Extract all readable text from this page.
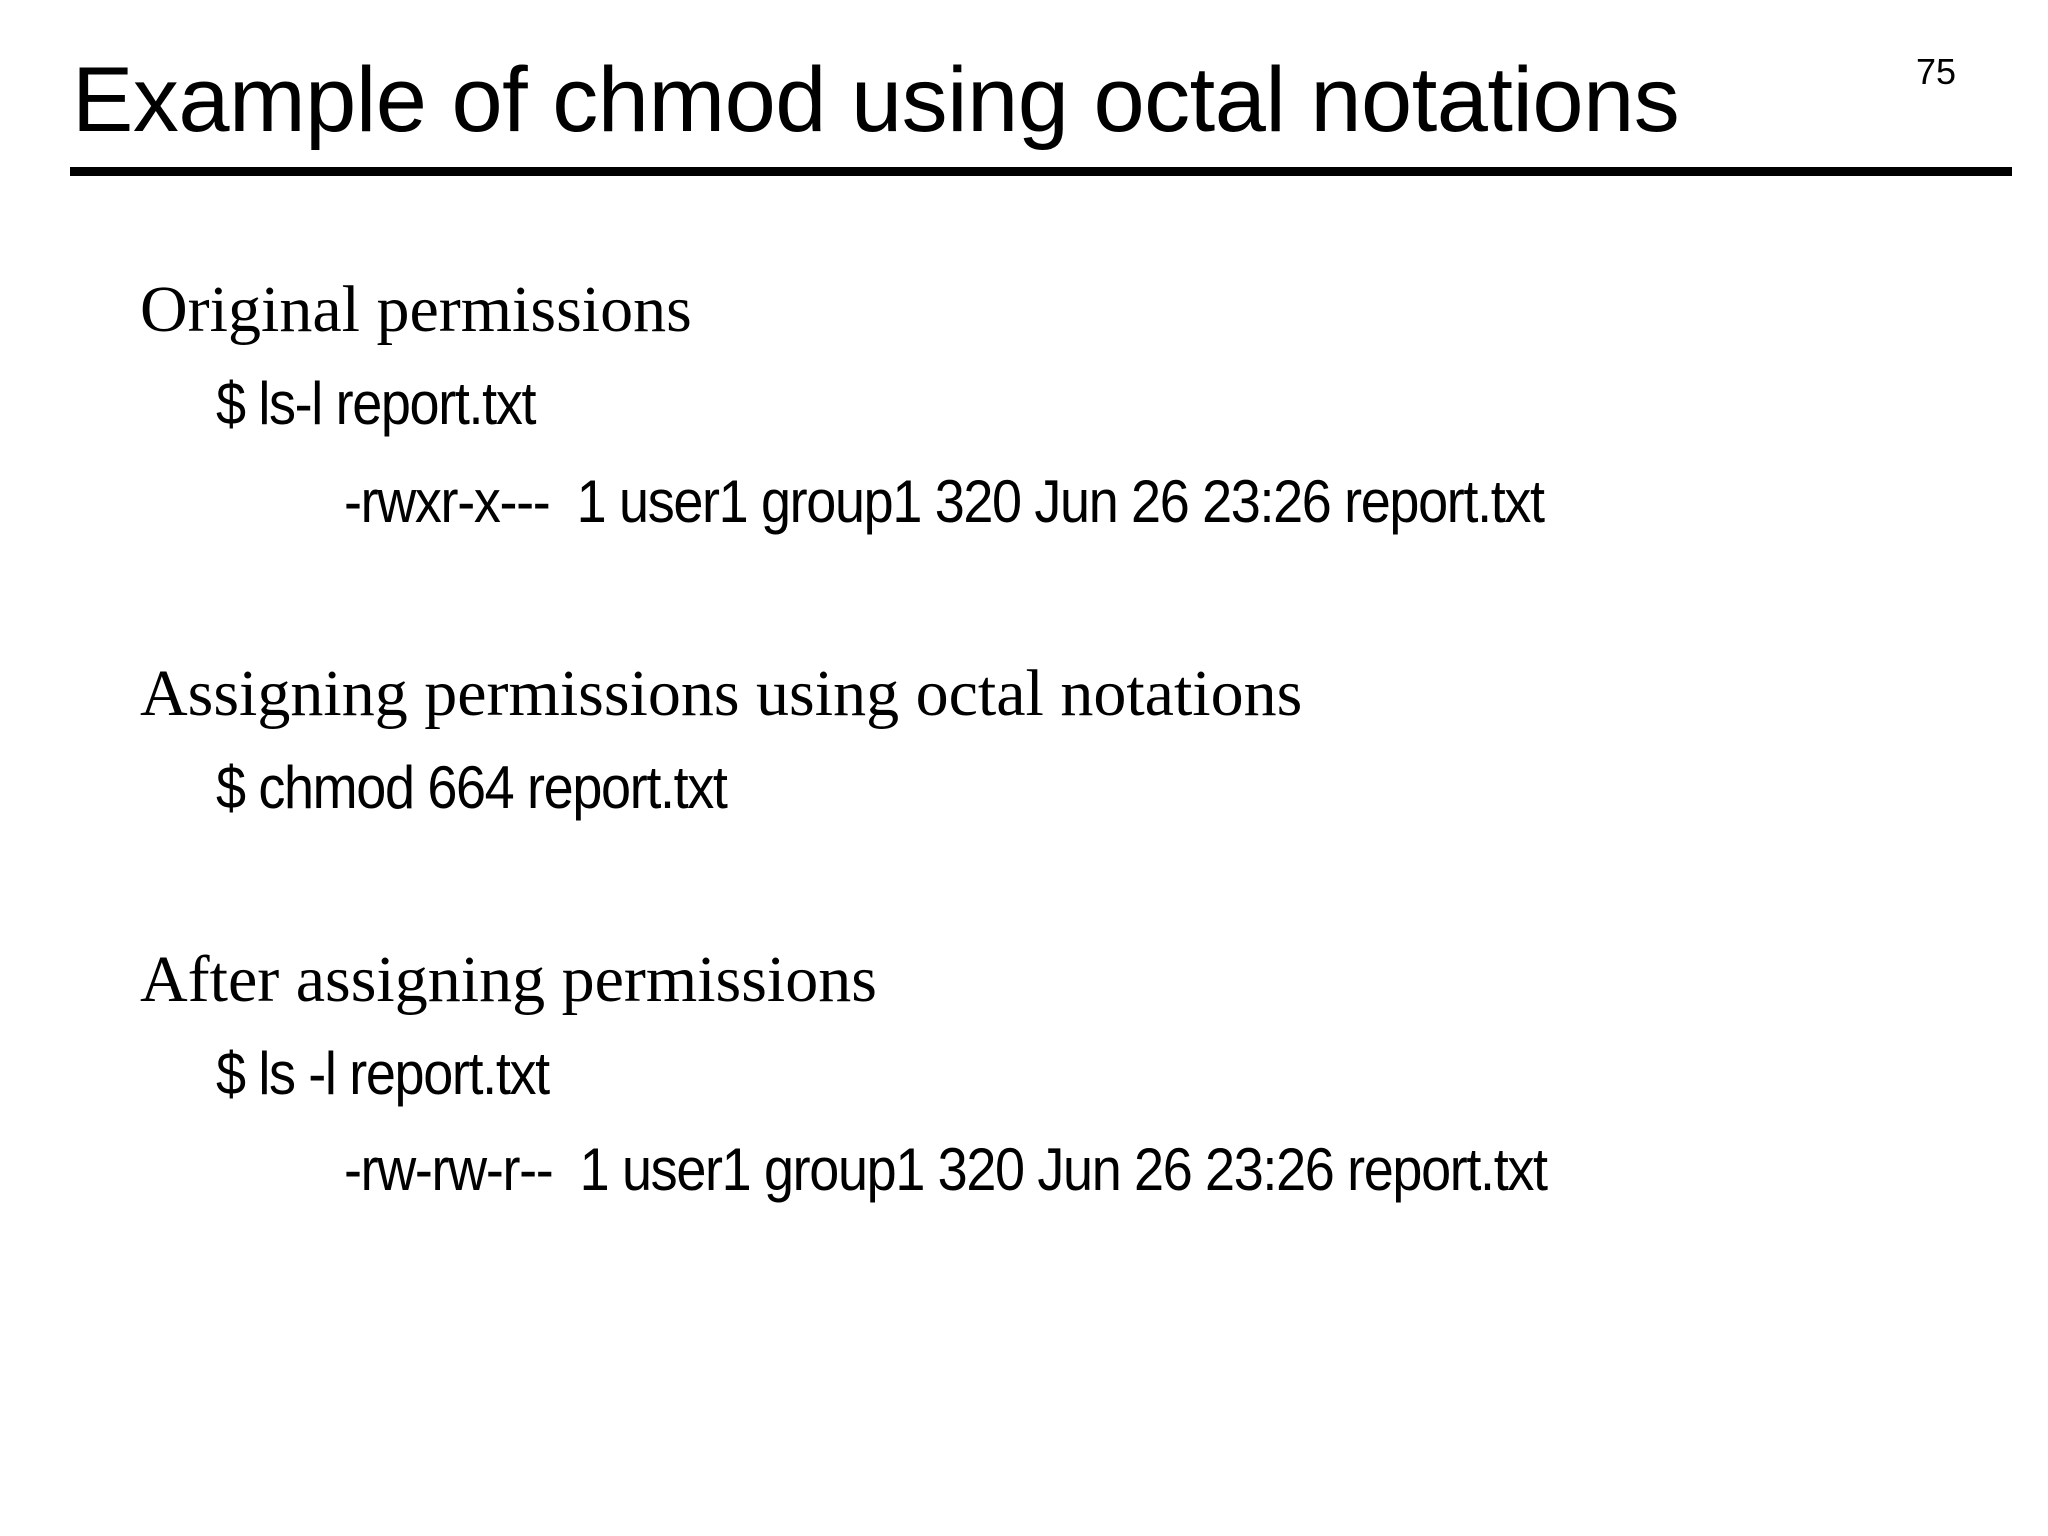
Example of chmod using octal notations	75
Original permissions
$ ls-l report.txt
-rwxr-x---  1 user1 group1 320 Jun 26 23:26 report.txt
Assigning permissions using octal notations
$ chmod 664 report.txt
After assigning permissions
$ ls -l report.txt
-rw-rw-r--  1 user1 group1 320 Jun 26 23:26 report.txt
